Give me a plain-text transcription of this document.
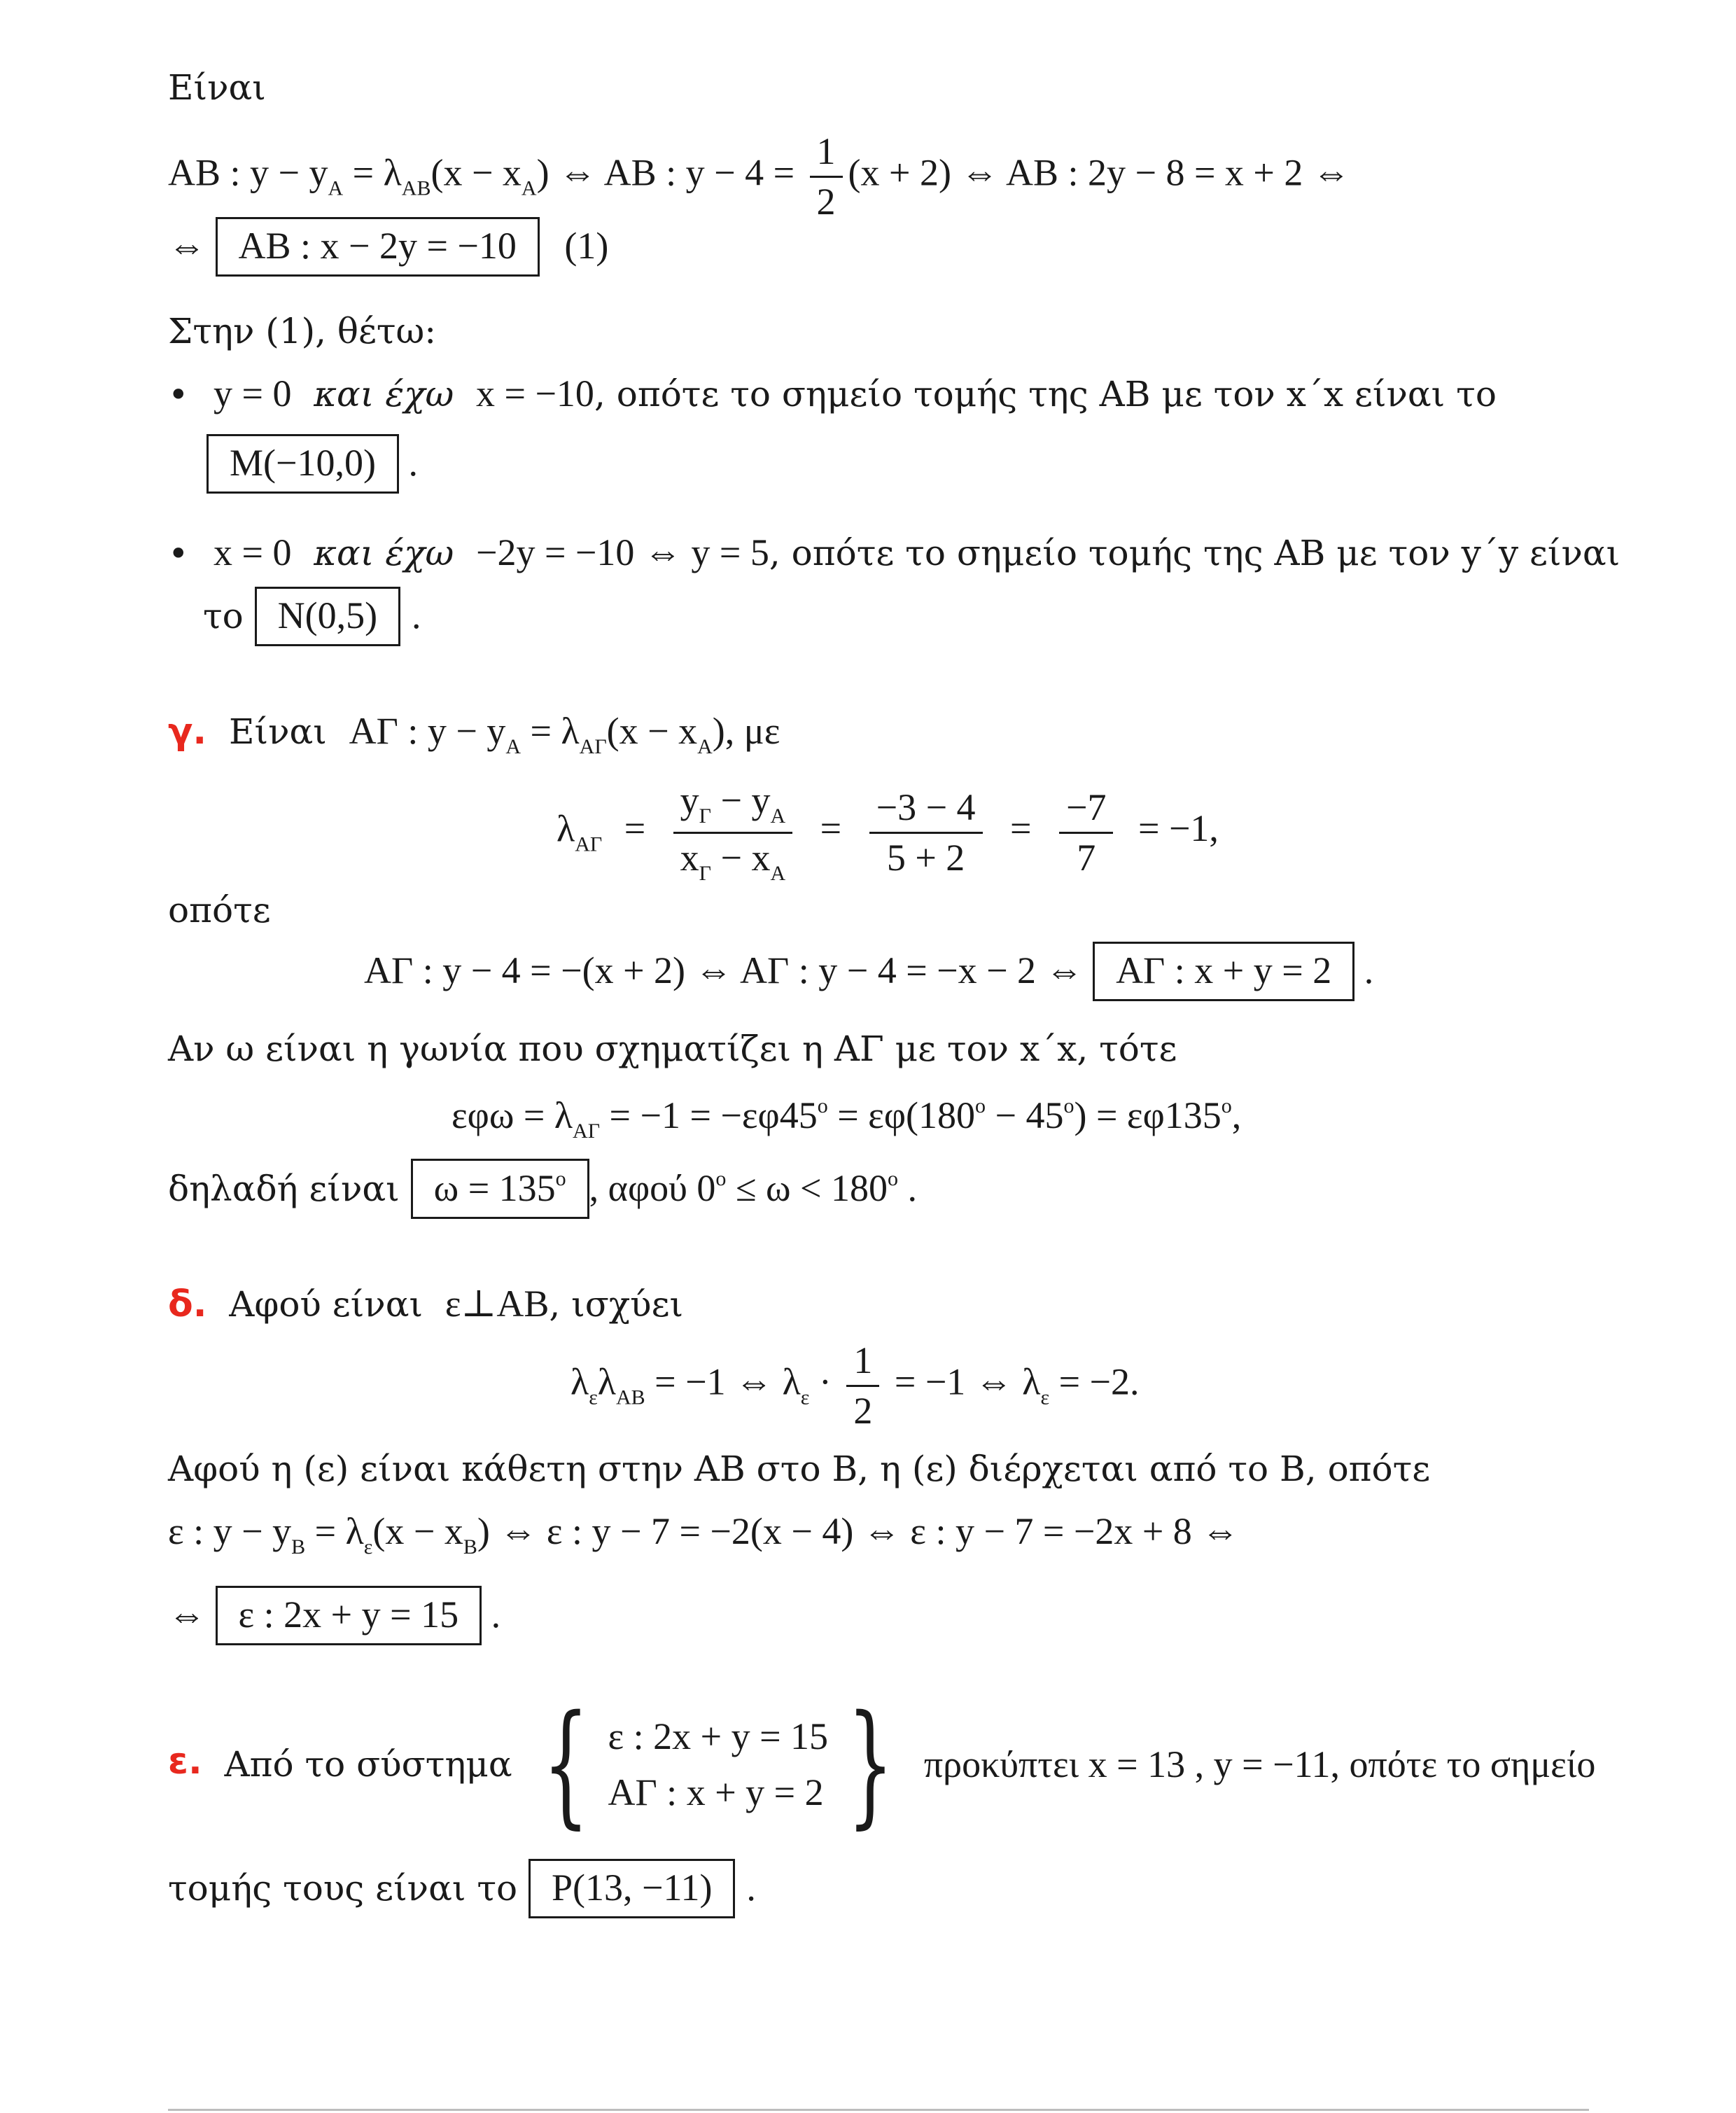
Είναι
AB : $y - y_A = \lambda_{AB}(x - x_A)$ ⇔ AB : $y - 4 = \frac{1}{2} (x + 2)$ ⇔ AB : 2y − 8 = x + 2 ⇔
⇔ AB : x − 2y = −10 (1)
Στην (1), θέτω:
• y = 0 και έχω x = −10, οπότε το σημείο τομής της AB με τον x΄x είναι το
M(−10,0) .
• x = 0 και έχω −2y = −10 ⇔ y = 5, οπότε το σημείο τομής της AB με τον y΄y είναι
το N(0,5) .
γ. Είναι AΓ : $y - y_A = \lambda_{A\Gamma}(x - x_A)$, με
$\lambda_{A\Gamma} = \frac{y_\Gamma - y_A}{x_\Gamma - x_A} = \frac{-3 - 4}{5 + 2} = \frac{-7}{7} = -1$,
οπότε
AΓ : y − 4 = −(x + 2) ⇔ AΓ : y − 4 = −x − 2 ⇔ AΓ : x + y = 2 .
Αν ω είναι η γωνία που σχηματίζει η AΓ με τον x΄x, τότε
$\varepsilon\varphi\omega = \lambda_{A\Gamma} = -1 = -\varepsilon\varphi 45^o = \varepsilon\varphi(180^o - 45^o) = \varepsilon\varphi 135^o$,
δηλαδή είναι $\omega = 135^o$ , αφού $0^o \le \omega < 180^o$ .
δ. Αφού είναι ε⊥AB, ισχύει
$\lambda_\varepsilon\lambda_{AB} = -1$ ⇔ $\lambda_\varepsilon \cdot \frac{1}{2} = -1$ ⇔ $\lambda_\varepsilon = -2$.
Αφού η (ε) είναι κάθετη στην AB στο B, η (ε) διέρχεται από το B, οπότε
ε : $y - y_B = \lambda_\varepsilon(x - x_B)$ ⇔ ε : y − 7 = −2(x − 4) ⇔ ε : y − 7 = −2x + 8 ⇔
⇔ ε : 2x + y = 15 .
ε. Από το σύστημα { ε : 2x + y = 15
AΓ : x + y = 2 } προκύπτει x = 13 , y = −11, οπότε το σημείο
τομής τους είναι το P(13, −11) .
